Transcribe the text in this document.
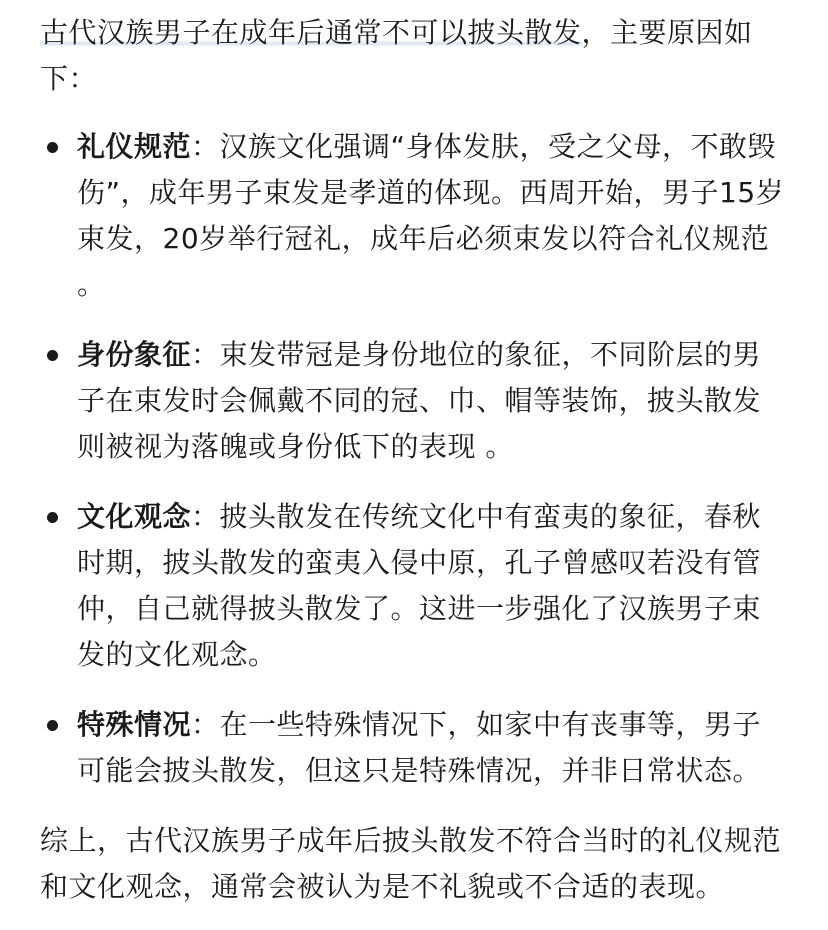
古代汉族男子在成年后通常不可以披头散发，主要原因如下：

礼仪规范：汉族文化强调“身体发肤，受之父母，不敢毁伤”，成年男子束发是孝道的体现。西周开始，男子15岁束发，20岁举行冠礼，成年后必须束发以符合礼仪规范 。
身份象征：束发带冠是身份地位的象征，不同阶层的男子在束发时会佩戴不同的冠、巾、帽等装饰，披头散发则被视为落魄或身份低下的表现 。
文化观念：披头散发在传统文化中有蛮夷的象征，春秋时期，披头散发的蛮夷入侵中原，孔子曾感叹若没有管仲，自己就得披头散发了。这进一步强化了汉族男子束发的文化观念。
特殊情况：在一些特殊情况下，如家中有丧事等，男子可能会披头散发，但这只是特殊情况，并非日常状态。

综上，古代汉族男子成年后披头散发不符合当时的礼仪规范和文化观念，通常会被认为是不礼貌或不合适的表现。
